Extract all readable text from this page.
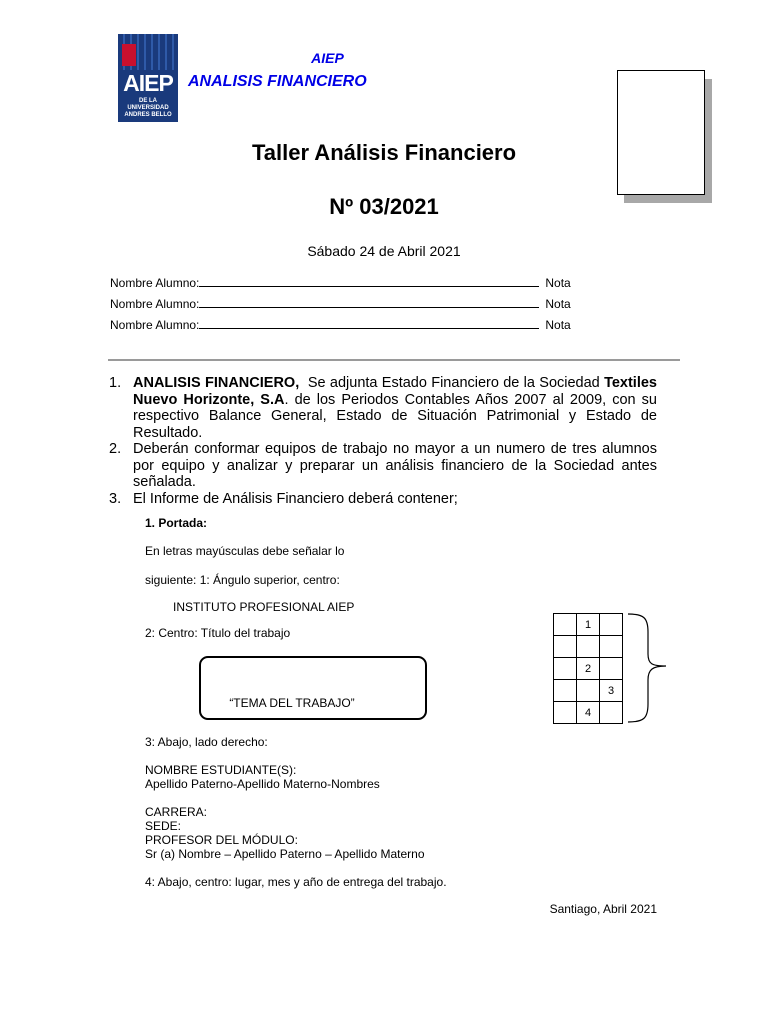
AIEP
DE LA UNIVERSIDAD ANDRES BELLO
AIEP
ANALISIS FINANCIERO
Taller Análisis Financiero
Nº 03/2021
Sábado 24 de Abril 2021
Nombre Alumno:	Nota
Nombre Alumno:	Nota
Nombre Alumno:	Nota
1. ANALISIS FINANCIERO,  Se adjunta Estado Financiero de la Sociedad Textiles Nuevo Horizonte, S.A. de los Periodos Contables Años 2007 al 2009, con su respectivo Balance General, Estado de Situación Patrimonial y Estado de Resultado.
2. Deberán conformar equipos de trabajo no mayor a un numero de tres alumnos por equipo y analizar y preparar un análisis financiero de la Sociedad antes señalada.
3. El Informe de Análisis Financiero deberá contener;
1. Portada:
En letras mayúsculas debe señalar lo
siguiente: 1: Ángulo superior, centro:
INSTITUTO PROFESIONAL AIEP
2: Centro: Título del trabajo
“TEMA DEL TRABAJO”
3: Abajo, lado derecho:
NOMBRE ESTUDIANTE(S):
Apellido Paterno-Apellido Materno-Nombres
CARRERA:
SEDE:
PROFESOR DEL MÓDULO:
Sr (a) Nombre – Apellido Paterno – Apellido Materno
4: Abajo, centro: lugar, mes y año de entrega del trabajo.
	1	

	2	
		3
	4	
Santiago, Abril 2021
